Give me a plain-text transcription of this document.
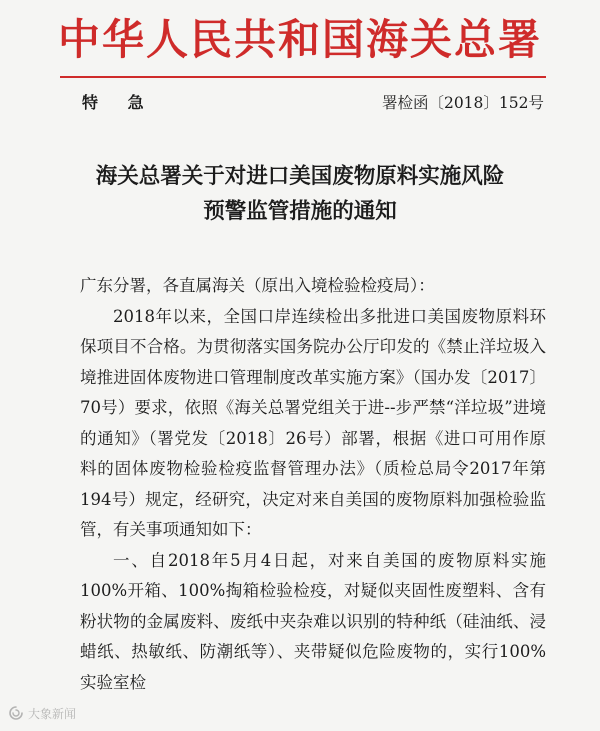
中华人民共和国海关总署
特 急	署检函〔2018〕152号
海关总署关于对进口美国废物原料实施风险
预警监管措施的通知

广东分署，各直属海关（原出入境检验检疫局）：

2018年以来，全国口岸连续检出多批进口美国废物原料环保项目不合格。为贯彻落实国务院办公厅印发的《禁止洋垃圾入境推进固体废物进口管理制度改革实施方案》（国办发〔2017〕70号）要求，依照《海关总署党组关于进--步严禁“洋垃圾”进境的通知》（署党发〔2018〕26号）部署，根据《进口可用作原料的固体废物检验检疫监督管理办法》（质检总局令2017年第194号）规定，经研究，决定对来自美国的废物原料加强检验监管，有关事项通知如下：

一、自2018年5月4日起，对来自美国的废物原料实施100%开箱、100%掏箱检验检疫，对疑似夹固性废塑料、含有粉状物的金属废料、废纸中夹杂难以识别的特种纸（硅油纸、浸蜡纸、热敏纸、防潮纸等）、夹带疑似危险废物的，实行100%实验室检

大象新闻
